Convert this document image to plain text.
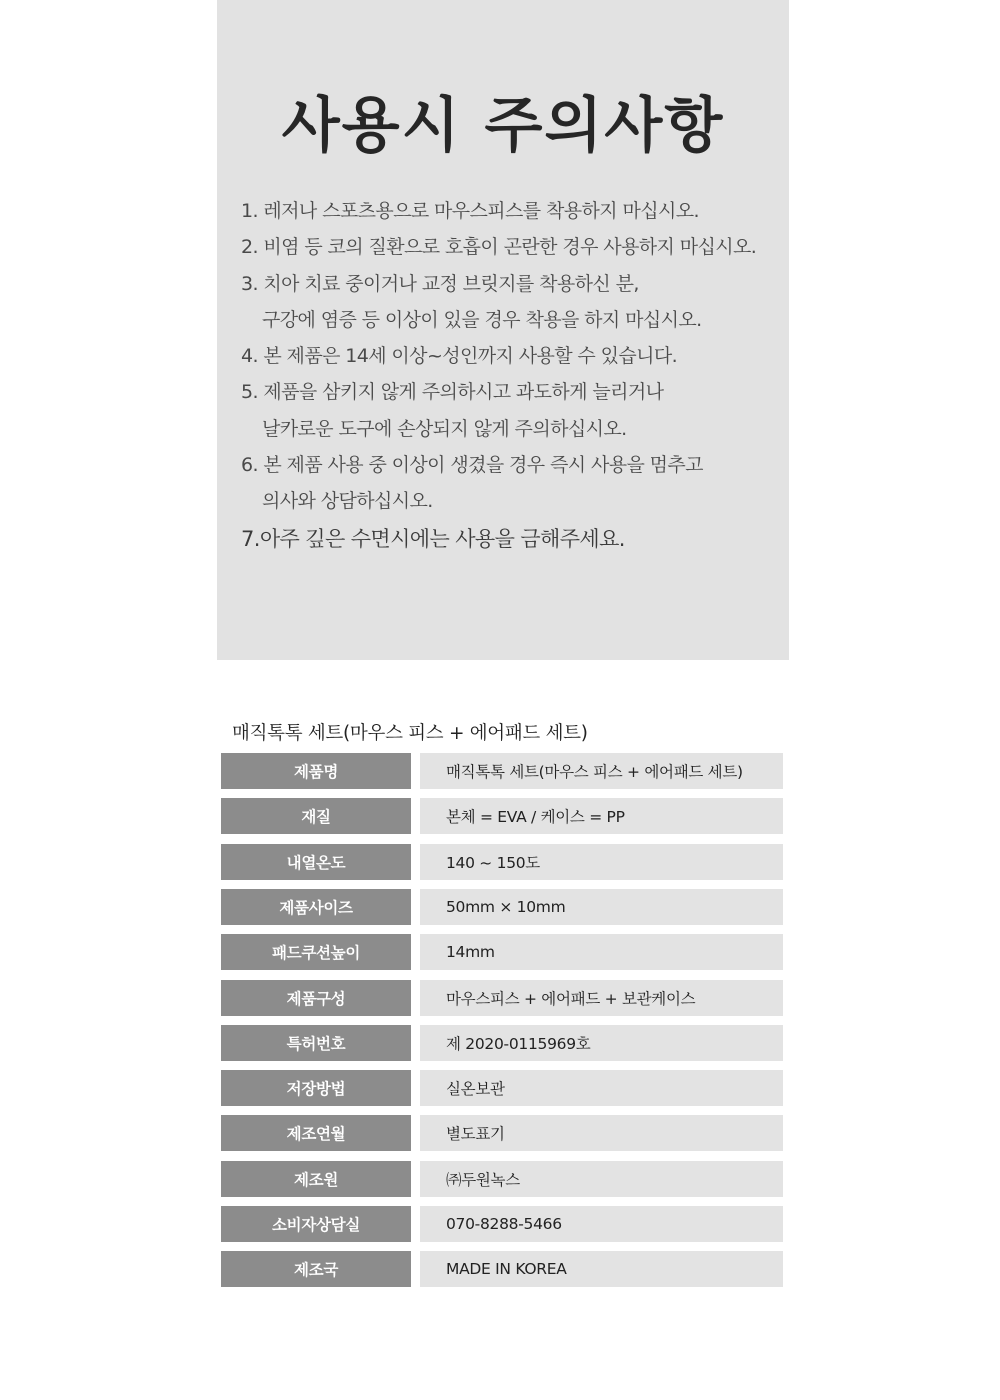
사용시 주의사항
1. 레저나 스포츠용으로 마우스피스를 착용하지 마십시오.
2. 비염 등 코의 질환으로 호흡이 곤란한 경우 사용하지 마십시오.
3. 치아 치료 중이거나 교정 브릿지를 착용하신 분,
구강에 염증 등 이상이 있을 경우 착용을 하지 마십시오.
4. 본 제품은 14세 이상~성인까지 사용할 수 있습니다.
5. 제품을 삼키지 않게 주의하시고 과도하게 늘리거나
날카로운 도구에 손상되지 않게 주의하십시오.
6. 본 제품 사용 중 이상이 생겼을 경우 즉시 사용을 멈추고
의사와 상담하십시오.
7.아주 깊은 수면시에는 사용을 금해주세요.

매직톡톡 세트(마우스 피스 + 에어패드 세트)

제품명	매직톡톡 세트(마우스 피스 + 에어패드 세트)
재질	본체 = EVA / 케이스 = PP
내열온도	140 ~ 150도
제품사이즈	50mm × 10mm
패드쿠션높이	14mm
제품구성	마우스피스 + 에어패드 + 보관케이스
특허번호	제 2020-0115969호
저장방법	실온보관
제조연월	별도표기
제조원	㈜두원녹스
소비자상담실	070-8288-5466
제조국	MADE IN KOREA
